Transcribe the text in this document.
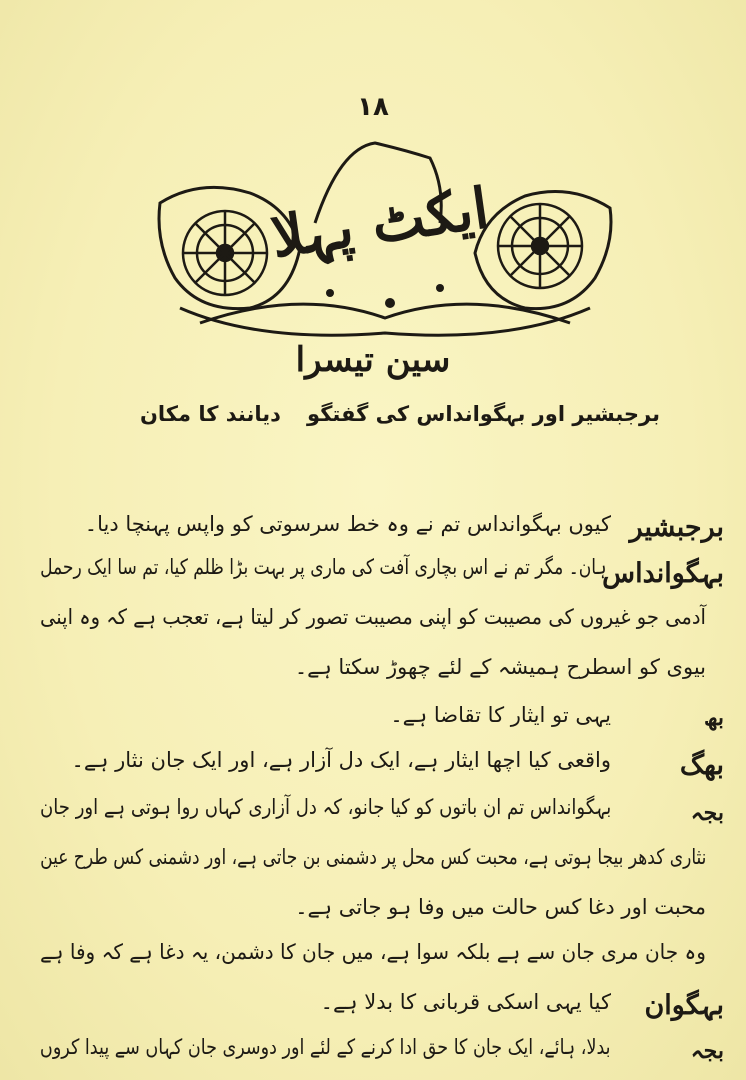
۱۸
ایکٹ پہلا
سین تیسرا
برجبشیر اور بہگوانداس کی گفتگو
دیانند کا مکان
برجبشیر
کیوں بہگوانداس تم نے وہ خط سرسوتی کو واپس پہنچا دیا۔
بہگوانداس
ہان۔ مگر تم نے اس بچاری آفت کی ماری پر بہت بڑا ظلم کیا، تم سا ایک رحمل
آدمی جو غیروں کی مصیبت کو اپنی مصیبت تصور کر لیتا ہے، تعجب ہے کہ وہ اپنی
بیوی کو اسطرح ہمیشہ کے لئے چھوڑ سکتا ہے۔
بھ
یہی تو ایثار کا تقاضا ہے۔
بھگ
واقعی کیا اچھا ایثار ہے، ایک دل آزار ہے، اور ایک جان نثار ہے۔
بجہ
بہگوانداس تم ان باتوں کو کیا جانو، کہ دل آزاری کہاں روا ہوتی ہے اور جان
نثاری کدھر بیجا ہوتی ہے، محبت کس محل پر دشمنی بن جاتی ہے، اور دشمنی کس طرح عین
محبت اور دغا کس حالت میں وفا ہو جاتی ہے۔
وہ جان مری جان سے ہے بلکہ سوا ہے، میں جان کا دشمن، یہ دغا ہے کہ وفا ہے
بہگوان
کیا یہی اسکی قربانی کا بدلا ہے۔
بجہ
بدلا، ہائے، ایک جان کا حق ادا کرنے کے لئے اور دوسری جان کہاں سے پیدا کروں
